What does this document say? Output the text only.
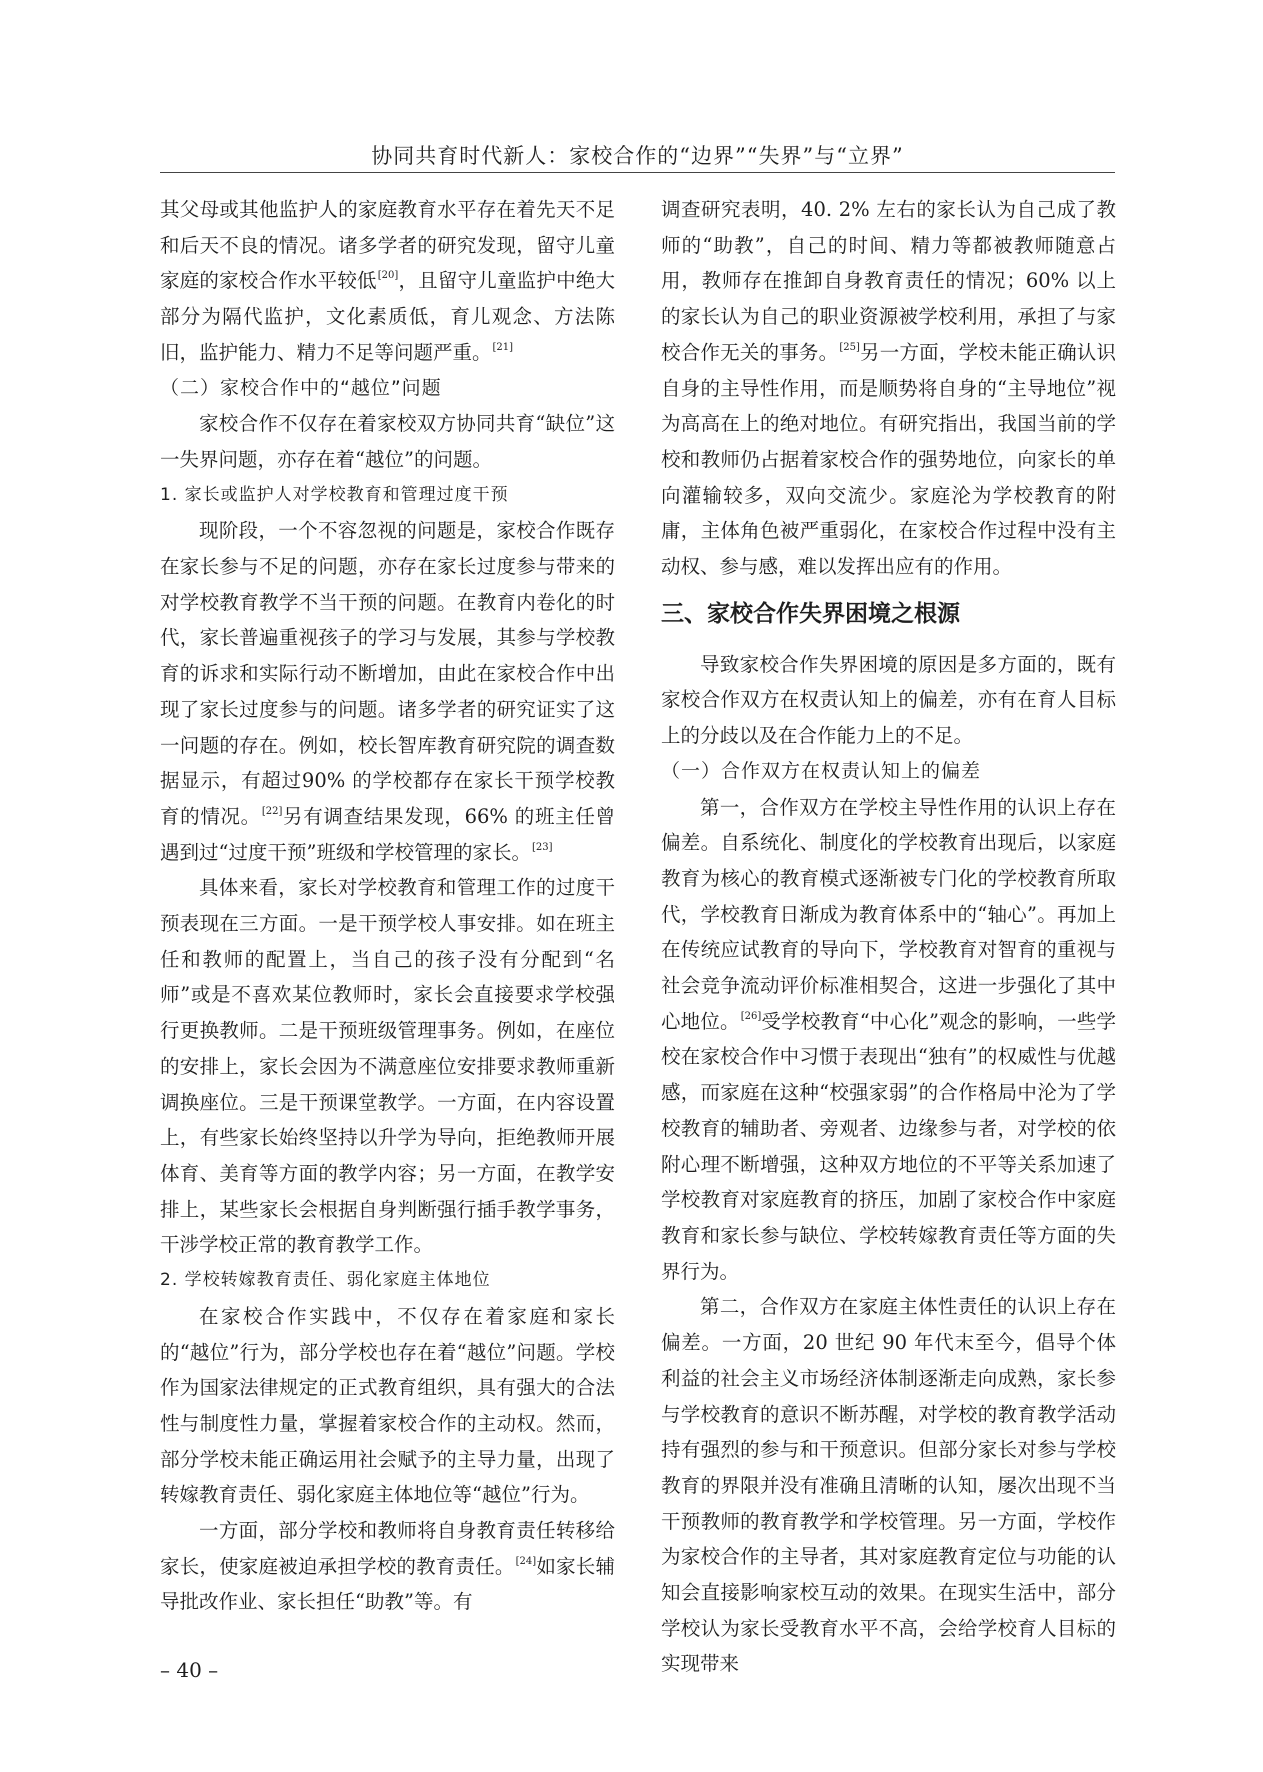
协同共育时代新人：家校合作的“边界”“失界”与“立界”

其父母或其他监护人的家庭教育水平存在着先天不足和后天不良的情况。诸多学者的研究发现，留守儿童家庭的家校合作水平较低[20]，且留守儿童监护中绝大部分为隔代监护，文化素质低，育儿观念、方法陈旧，监护能力、精力不足等问题严重。[21]

（二）家校合作中的“越位”问题

家校合作不仅存在着家校双方协同共育“缺位”这一失界问题，亦存在着“越位”的问题。

1. 家长或监护人对学校教育和管理过度干预

现阶段，一个不容忽视的问题是，家校合作既存在家长参与不足的问题，亦存在家长过度参与带来的对学校教育教学不当干预的问题。在教育内卷化的时代，家长普遍重视孩子的学习与发展，其参与学校教育的诉求和实际行动不断增加，由此在家校合作中出现了家长过度参与的问题。诸多学者的研究证实了这一问题的存在。例如，校长智库教育研究院的调查数据显示，有超过90% 的学校都存在家长干预学校教育的情况。[22]另有调查结果发现，66% 的班主任曾遇到过“过度干预”班级和学校管理的家长。[23]

具体来看，家长对学校教育和管理工作的过度干预表现在三方面。一是干预学校人事安排。如在班主任和教师的配置上，当自己的孩子没有分配到“名师”或是不喜欢某位教师时，家长会直接要求学校强行更换教师。二是干预班级管理事务。例如，在座位的安排上，家长会因为不满意座位安排要求教师重新调换座位。三是干预课堂教学。一方面，在内容设置上，有些家长始终坚持以升学为导向，拒绝教师开展体育、美育等方面的教学内容；另一方面，在教学安排上，某些家长会根据自身判断强行插手教学事务，干涉学校正常的教育教学工作。

2. 学校转嫁教育责任、弱化家庭主体地位

在家校合作实践中，不仅存在着家庭和家长的“越位”行为，部分学校也存在着“越位”问题。学校作为国家法律规定的正式教育组织，具有强大的合法性与制度性力量，掌握着家校合作的主动权。然而，部分学校未能正确运用社会赋予的主导力量，出现了转嫁教育责任、弱化家庭主体地位等“越位”行为。

一方面，部分学校和教师将自身教育责任转移给家长，使家庭被迫承担学校的教育责任。[24]如家长辅导批改作业、家长担任“助教”等。有

调查研究表明，40. 2% 左右的家长认为自己成了教师的“助教”，自己的时间、精力等都被教师随意占用，教师存在推卸自身教育责任的情况；60% 以上的家长认为自己的职业资源被学校利用，承担了与家校合作无关的事务。[25]另一方面，学校未能正确认识自身的主导性作用，而是顺势将自身的“主导地位”视为高高在上的绝对地位。有研究指出，我国当前的学校和教师仍占据着家校合作的强势地位，向家长的单向灌输较多，双向交流少。家庭沦为学校教育的附庸，主体角色被严重弱化，在家校合作过程中没有主动权、参与感，难以发挥出应有的作用。

三、家校合作失界困境之根源

导致家校合作失界困境的原因是多方面的，既有家校合作双方在权责认知上的偏差，亦有在育人目标上的分歧以及在合作能力上的不足。

（一）合作双方在权责认知上的偏差

第一，合作双方在学校主导性作用的认识上存在偏差。自系统化、制度化的学校教育出现后，以家庭教育为核心的教育模式逐渐被专门化的学校教育所取代，学校教育日渐成为教育体系中的“轴心”。再加上在传统应试教育的导向下，学校教育对智育的重视与社会竞争流动评价标准相契合，这进一步强化了其中心地位。[26]受学校教育“中心化”观念的影响，一些学校在家校合作中习惯于表现出“独有”的权威性与优越感，而家庭在这种“校强家弱”的合作格局中沦为了学校教育的辅助者、旁观者、边缘参与者，对学校的依附心理不断增强，这种双方地位的不平等关系加速了学校教育对家庭教育的挤压，加剧了家校合作中家庭教育和家长参与缺位、学校转嫁教育责任等方面的失界行为。

第二，合作双方在家庭主体性责任的认识上存在偏差。一方面，20 世纪 90 年代末至今，倡导个体利益的社会主义市场经济体制逐渐走向成熟，家长参与学校教育的意识不断苏醒，对学校的教育教学活动持有强烈的参与和干预意识。但部分家长对参与学校教育的界限并没有准确且清晰的认知，屡次出现不当干预教师的教育教学和学校管理。另一方面，学校作为家校合作的主导者，其对家庭教育定位与功能的认知会直接影响家校互动的效果。在现实生活中，部分学校认为家长受教育水平不高，会给学校育人目标的实现带来

– 40 –
